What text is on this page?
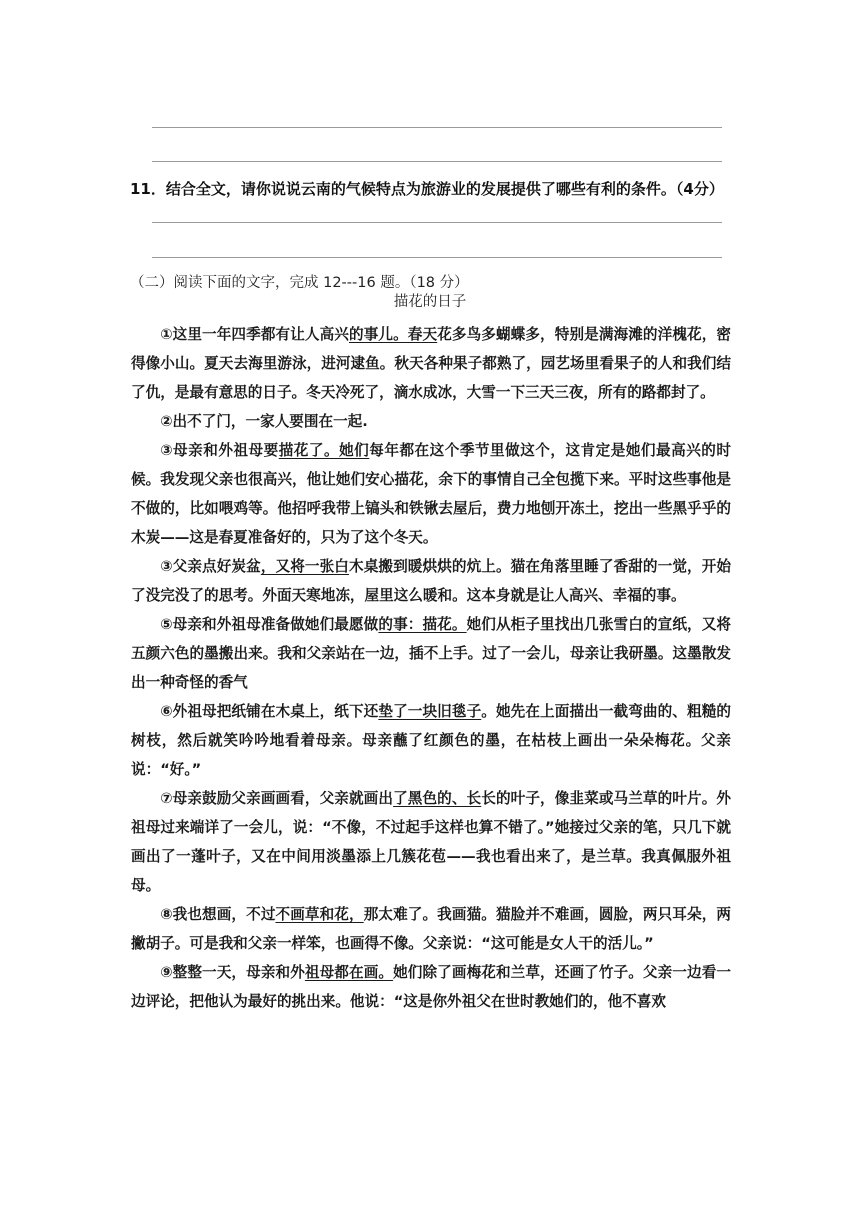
11．结合全文，请你说说云南的气候特点为旅游业的发展提供了哪些有利的条件。（4分）
（二）阅读下面的文字，完成 12---16 题。（18 分）
描花的日子

①这里一年四季都有让人高兴的事儿。春天花多鸟多蝴蝶多，特别是满海滩的洋槐花，密得像小山。夏天去海里游泳，进河逮鱼。秋天各种果子都熟了，园艺场里看果子的人和我们结了仇，是最有意思的日子。冬天冷死了，滴水成冰，大雪一下三天三夜，所有的路都封了。

②出不了门，一家人要围在一起.

③母亲和外祖母要描花了。她们每年都在这个季节里做这个，这肯定是她们最高兴的时候。我发现父亲也很高兴，他让她们安心描花，余下的事情自己全包揽下来。平时这些事他是不做的，比如喂鸡等。他招呼我带上镐头和铁锹去屋后，费力地刨开冻土，挖出一些黑乎乎的木炭——这是春夏准备好的，只为了这个冬天。

③父亲点好炭盆，又将一张白木桌搬到暖烘烘的炕上。猫在角落里睡了香甜的一觉，开始了没完没了的思考。外面天寒地冻，屋里这么暖和。这本身就是让人高兴、幸福的事。

⑤母亲和外祖母准备做她们最愿做的事：描花。她们从柜子里找出几张雪白的宣纸，又将五颜六色的墨搬出来。我和父亲站在一边，插不上手。过了一会儿，母亲让我研墨。这墨散发出一种奇怪的香气

⑥外祖母把纸铺在木桌上，纸下还垫了一块旧毯子。她先在上面描出一截弯曲的、粗糙的树枝，然后就笑吟吟地看着母亲。母亲蘸了红颜色的墨，在枯枝上画出一朵朵梅花。父亲说：“好。”

⑦母亲鼓励父亲画画看，父亲就画出了黑色的、长长的叶子，像韭菜或马兰草的叶片。外祖母过来端详了一会儿，说：“不像，不过起手这样也算不错了。”她接过父亲的笔，只几下就画出了一蓬叶子，又在中间用淡墨添上几簇花苞——我也看出来了，是兰草。我真佩服外祖母。

⑧我也想画，不过不画草和花，那太难了。我画猫。猫脸并不难画，圆脸，两只耳朵，两撇胡子。可是我和父亲一样笨，也画得不像。父亲说：“这可能是女人干的活儿。”

⑨整整一天，母亲和外祖母都在画。她们除了画梅花和兰草，还画了竹子。父亲一边看一边评论，把他认为最好的挑出来。他说：“这是你外祖父在世时教她们的，他不喜欢
